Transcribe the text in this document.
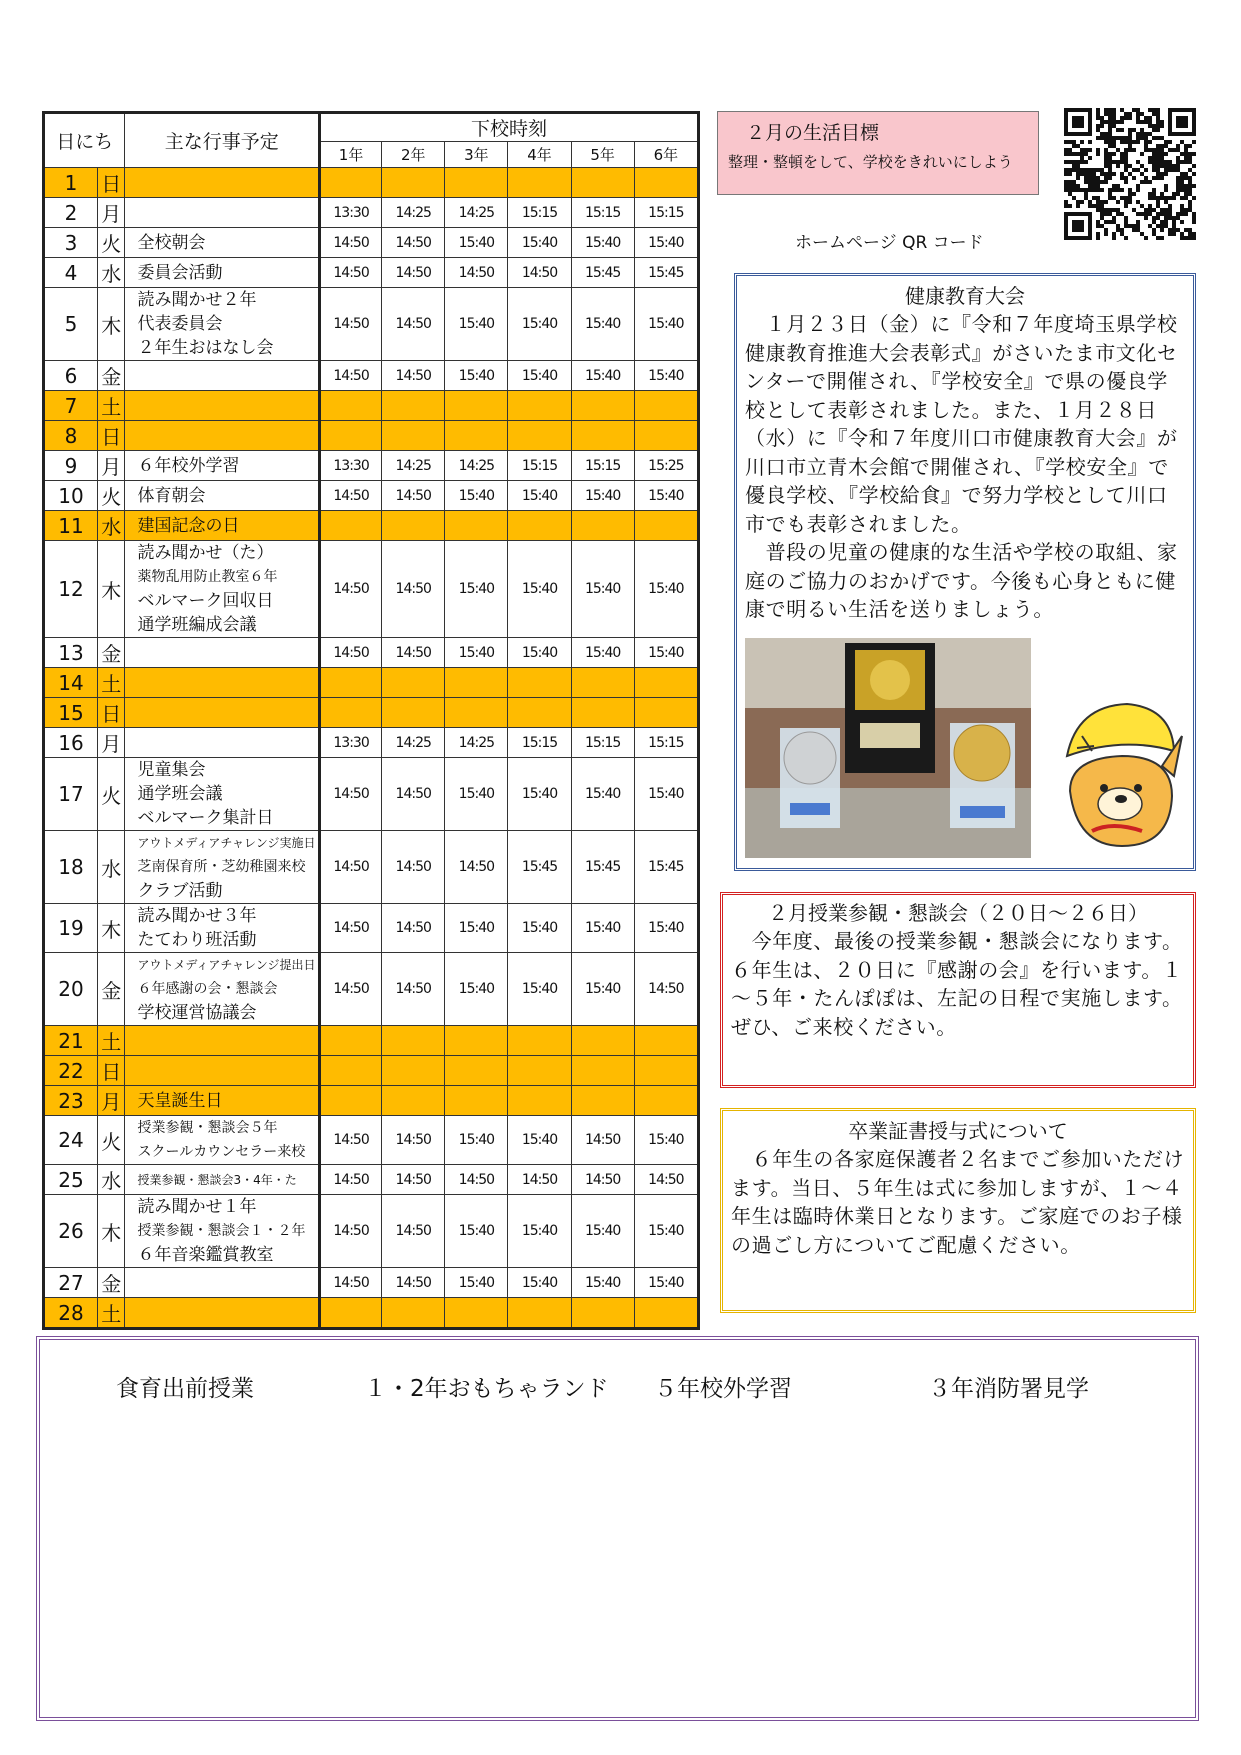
日にち		主な行事予定	下校時刻					
			1年	2年	3年	4年	5年	6年
1	日							
2	月		13:30	14:25	14:25	15:15	15:15	15:15
3	火	全校朝会	14:50	14:50	15:40	15:40	15:40	15:40
4	水	委員会活動	14:50	14:50	14:50	14:50	15:45	15:45
5	木	読み聞かせ２年
代表委員会
２年生おはなし会	14:50	14:50	15:40	15:40	15:40	15:40
6	金		14:50	14:50	15:40	15:40	15:40	15:40
7	土							
8	日							
9	月	６年校外学習	13:30	14:25	14:25	15:15	15:15	15:25
10	火	体育朝会	14:50	14:50	15:40	15:40	15:40	15:40
11	水	建国記念の日						

12	木	読み聞かせ（た）
薬物乱用防止教室６年
ベルマーク回収日
通学班編成会議	14:50	14:50	15:40	15:40	15:40	15:40
13	金		14:50	14:50	15:40	15:40	15:40	15:40
14	土							
15	日							
16	月		13:30	14:25	14:25	15:15	15:15	15:15
17	火	児童集会
通学班会議
ベルマーク集計日	14:50	14:50	15:40	15:40	15:40	15:40
18	水	アウトメディアチャレンジ実施日
芝南保育所・芝幼稚園来校
クラブ活動	14:50	14:50	14:50	15:45	15:45	15:45
19	木	読み聞かせ３年
たてわり班活動	14:50	14:50	15:40	15:40	15:40	15:40
20	金	アウトメディアチャレンジ提出日
６年感謝の会・懇談会
学校運営協議会	14:50	14:50	15:40	15:40	15:40	14:50
21	土							
22	日							
23	月	天皇誕生日						

24	火	授業参観・懇談会５年
スクールカウンセラー来校	14:50	14:50	15:40	15:40	14:50	15:40
25	水	授業参観・懇談会3・4年・た	14:50	14:50	14:50	14:50	14:50	14:50
26	木	読み聞かせ１年
授業参観・懇談会１・２年
６年音楽鑑賞教室	14:50	14:50	15:40	15:40	15:40	15:40
27	金		14:50	14:50	15:40	15:40	15:40	15:40
28	土							
２月の生活目標
整理・整頓をして、学校をきれいにしよう
ホームページ QR コード
健康教育大会
　１月２３日（金）に『令和７年度埼玉県学校健康教育推進大会表彰式』がさいたま市文化センターで開催され、『学校安全』で県の優良学校として表彰されました。また、１月２８日（水）に『令和７年度川口市健康教育大会』が川口市立青木会館で開催され、『学校安全』で優良学校、『学校給食』で努力学校として川口市でも表彰されました。
　普段の児童の健康的な生活や学校の取組、家庭のご協力のおかげです。今後も心身ともに健康で明るい生活を送りましょう。
２月授業参観・懇談会（２０日～２６日）
　今年度、最後の授業参観・懇談会になります。６年生は、２０日に『感謝の会』を行います。１～５年・たんぽぽは、左記の日程で実施します。ぜひ、ご来校ください。
卒業証書授与式について
　６年生の各家庭保護者２名までご参加いただけます。当日、５年生は式に参加しますが、１～４年生は臨時休業日となります。ご家庭でのお子様の過ごし方についてご配慮ください。
食育出前授業	１・2年おもちゃランド ５年校外学習	３年消防署見学
